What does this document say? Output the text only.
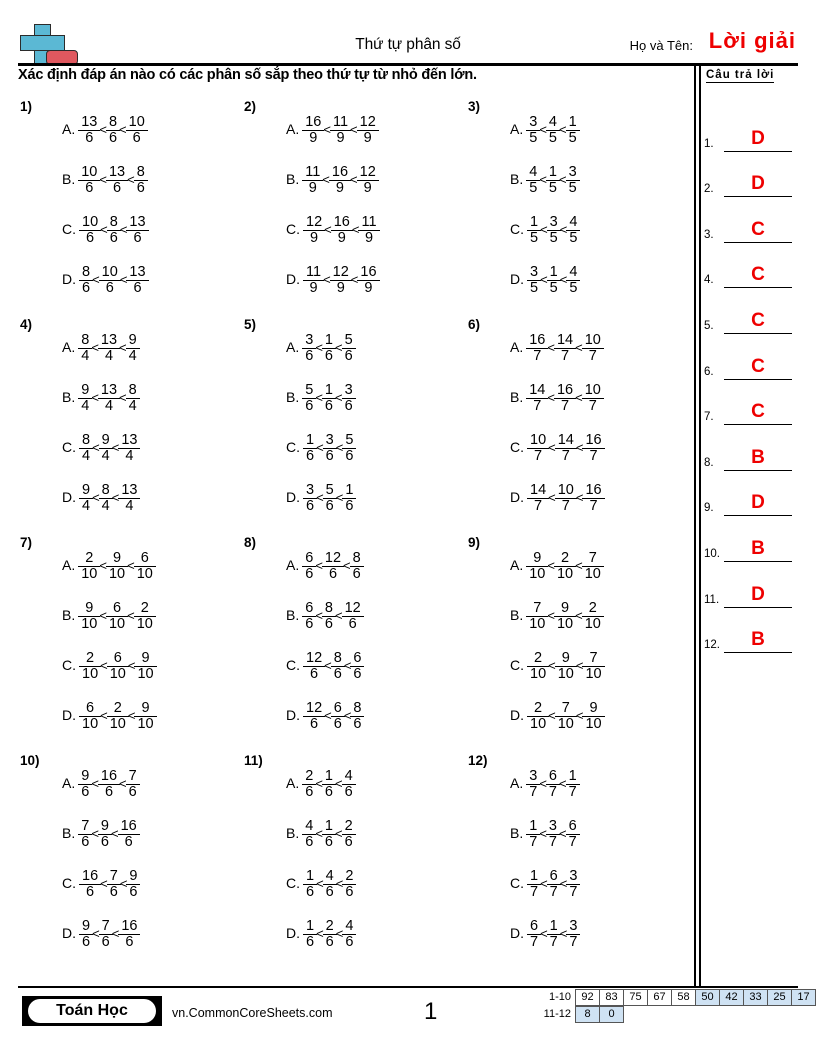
Thứ tự phân số	Họ và Tên: Lời giải
Xác định đáp án nào có các phân số sắp theo thứ tự từ nhỏ đến lớn.	Câu trả lời
1.	D
2.	D
3.	C
4.	C
5.	C
6.	C
7.	C
8.	B
9.	D
10.	B
11.	D
12.	B
1)
A. $\frac{13}{6} < \frac{8}{6} < \frac{10}{6}$
B. $\frac{10}{6} < \frac{13}{6} < \frac{8}{6}$
C. $\frac{10}{6} < \frac{8}{6} < \frac{13}{6}$
D. $\frac{8}{6} < \frac{10}{6} < \frac{13}{6}$
2)
A. $\frac{16}{9} < \frac{11}{9} < \frac{12}{9}$
B. $\frac{11}{9} < \frac{16}{9} < \frac{12}{9}$
C. $\frac{12}{9} < \frac{16}{9} < \frac{11}{9}$
D. $\frac{11}{9} < \frac{12}{9} < \frac{16}{9}$
3)
A. $\frac{3}{5} < \frac{4}{5} < \frac{1}{5}$
B. $\frac{4}{5} < \frac{1}{5} < \frac{3}{5}$
C. $\frac{1}{5} < \frac{3}{5} < \frac{4}{5}$
D. $\frac{3}{5} < \frac{1}{5} < \frac{4}{5}$
4)
A. $\frac{8}{4} < \frac{13}{4} < \frac{9}{4}$
B. $\frac{9}{4} < \frac{13}{4} < \frac{8}{4}$
C. $\frac{8}{4} < \frac{9}{4} < \frac{13}{4}$
D. $\frac{9}{4} < \frac{8}{4} < \frac{13}{4}$
5)
A. $\frac{3}{6} < \frac{1}{6} < \frac{5}{6}$
B. $\frac{5}{6} < \frac{1}{6} < \frac{3}{6}$
C. $\frac{1}{6} < \frac{3}{6} < \frac{5}{6}$
D. $\frac{3}{6} < \frac{5}{6} < \frac{1}{6}$
6)
A. $\frac{16}{7} < \frac{14}{7} < \frac{10}{7}$
B. $\frac{14}{7} < \frac{16}{7} < \frac{10}{7}$
C. $\frac{10}{7} < \frac{14}{7} < \frac{16}{7}$
D. $\frac{14}{7} < \frac{10}{7} < \frac{16}{7}$
7)
A. $\frac{2}{10} < \frac{9}{10} < \frac{6}{10}$
B. $\frac{9}{10} < \frac{6}{10} < \frac{2}{10}$
C. $\frac{2}{10} < \frac{6}{10} < \frac{9}{10}$
D. $\frac{6}{10} < \frac{2}{10} < \frac{9}{10}$
8)
A. $\frac{6}{6} < \frac{12}{6} < \frac{8}{6}$
B. $\frac{6}{6} < \frac{8}{6} < \frac{12}{6}$
C. $\frac{12}{6} < \frac{8}{6} < \frac{6}{6}$
D. $\frac{12}{6} < \frac{6}{6} < \frac{8}{6}$
9)
A. $\frac{9}{10} < \frac{2}{10} < \frac{7}{10}$
B. $\frac{7}{10} < \frac{9}{10} < \frac{2}{10}$
C. $\frac{2}{10} < \frac{9}{10} < \frac{7}{10}$
D. $\frac{2}{10} < \frac{7}{10} < \frac{9}{10}$
10)
A. $\frac{9}{6} < \frac{16}{6} < \frac{7}{6}$
B. $\frac{7}{6} < \frac{9}{6} < \frac{16}{6}$
C. $\frac{16}{6} < \frac{7}{6} < \frac{9}{6}$
D. $\frac{9}{6} < \frac{7}{6} < \frac{16}{6}$
11)
A. $\frac{2}{6} < \frac{1}{6} < \frac{4}{6}$
B. $\frac{4}{6} < \frac{1}{6} < \frac{2}{6}$
C. $\frac{1}{6} < \frac{4}{6} < \frac{2}{6}$
D. $\frac{1}{6} < \frac{2}{6} < \frac{4}{6}$
12)
A. $\frac{3}{7} < \frac{6}{7} < \frac{1}{7}$
B. $\frac{1}{7} < \frac{3}{7} < \frac{6}{7}$
C. $\frac{1}{7} < \frac{6}{7} < \frac{3}{7}$
D. $\frac{6}{7} < \frac{1}{7} < \frac{3}{7}$
Toán Học	vn.CommonCoreSheets.com	1
1-10 92	83	75	67	58	50	42	33	25	17
11-12	8	0
